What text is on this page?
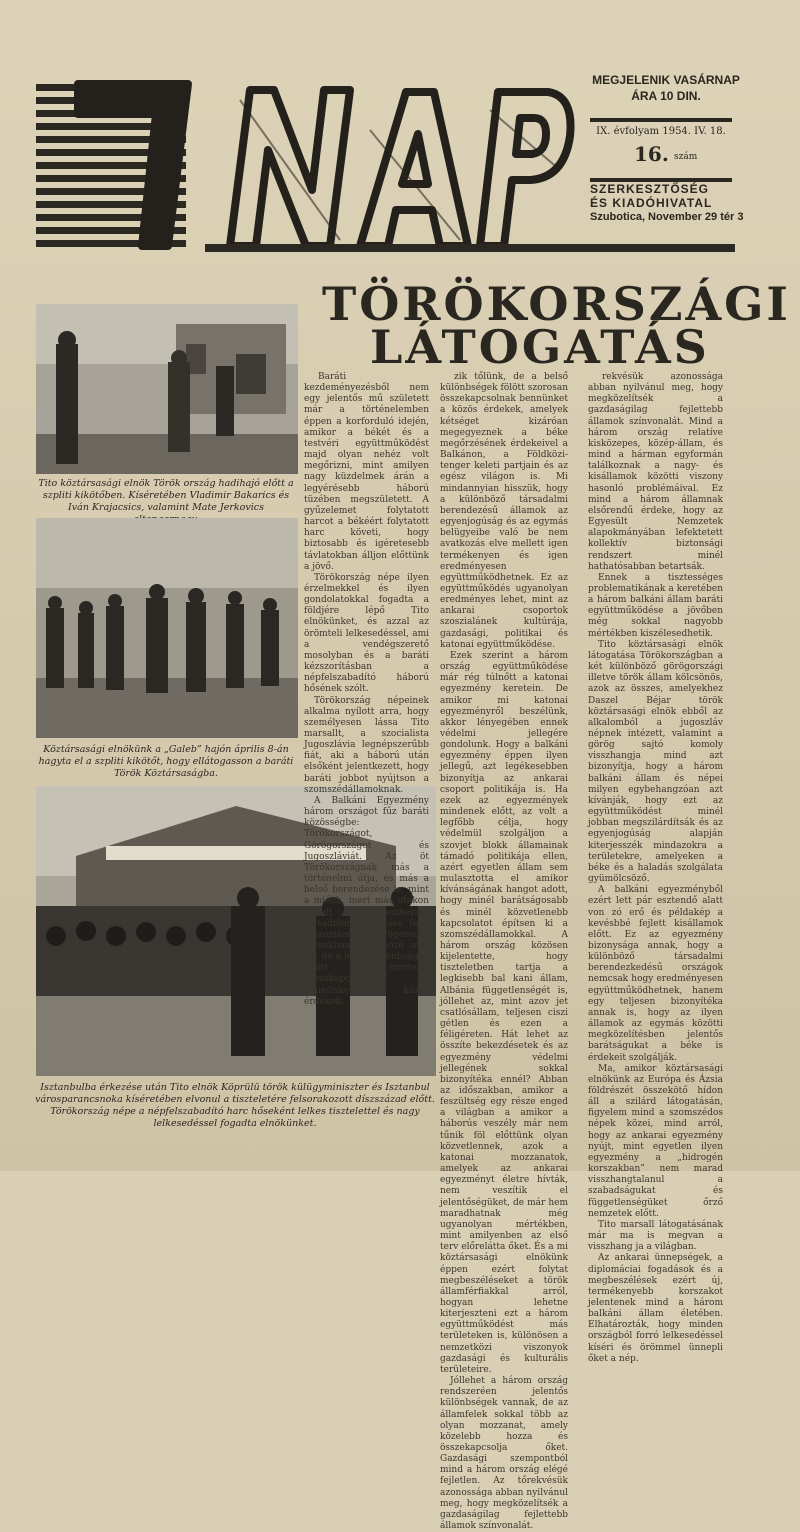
MEGJELENIK VASÁRNAP
ÁRA 10 DIN.
IX. évfolyam 1954. IV. 18.
16. szám
SZERKESZTŐSÉG
ÉS KIADÓHIVATAL
Szubotica, November 29 tér 3
TÖRÖKORSZÁGI
LÁTOGATÁS
Tito köztársasági elnök Török ország hadihajó előtt a szpliti kikötőben. Kíséretében Vladimir Bakarics és Iván Krajacsics, valamint Mate Jerkovics
Köztársasági elnökünk a „Galeb” hajón április 8-án hagyta el a szpliti kikötőt, hogy ellátogasson a baráti Török Köztársaságba.
Isztanbulba érkezése után Tito elnök Köprülü török külügyminiszter és Isztanbul városparancsnoka kíséretében elvonul a tiszteletére felsorakozott díszszázad előtt. Törökország népe a népfelszabadító harc hőseként lelkes tisztelettel és nagy lelkesedéssel fogadta elnökünket.

Baráti kezdeményezésből nem egy jelentős mű született már a történelemben éppen a korforduló idején, amikor a békét és a testvéri együttműködést majd olyan nehéz volt megőrizni, mint amilyen nagy küzdelmek árán a legyérésebb háború tüzében megszületett. A gyűzelemet folytatott harcot a békéért folytatott harc követi, hogy biztosabb és igéretesebb távlatokban álljon előttünk a jövő.

Törökország népe ilyen érzelmekkel és ilyen gondolatokkal fogadta a földjére lépő Tito elnökünket, és azzal az örömteli lelkesedéssel, ami a vendégszerető mosolyban és a baráti kézszorításban a népfelszabadító háború hősének szólt.

Törökország népeinek alkalma nyílott arra, hogy személyesen lássa Tito marsallt, a szocialista Jugoszlávia legnépszerűbb fiát, aki a háború után elsőként jelentkezett, hogy baráti jobbot nyújtson a szomszédállamoknak.

A Balkáni Egyezmény három országot fűz baráti közösségbe: Törökországot, Görögországot és Jugoszláviát. Az öt Törökországnak más a történelmi útja, és más a belső berendezése is, mint a miénk, mert más utakon haladt egy emberibb társadalom kiépítése felé. A szomszédos Görögország is sokban különböző utat jár, de a belső különbségek fölött szorosan összekapcsolnak bennünket a közös érdekek.

zik tőlünk, de a belső különbségek fölött szorosan összekapcsolnak bennünket a közös érdekek, amelyek kétséget kizáróan megegyeznek a béke megőrzésének érdekeivel a Balkánon, a Földközi-tenger keleti partjain és az egész világon is. Mi mindannyian hisszük, hogy a különböző társadalmi berendezésű államok az egyenjogúság és az egymás belügyeibe való be nem avatkozás elve mellett igen termékenyen és igen eredményesen együttműködhetnek. Ez az együttműködés ugyanolyan eredményes lehet, mint az ankarai csoportok szoszialánek kultúrája, gazdasági, politikai és katonai együttműködése.

Ezek szerint a három ország együttműködése már rég túlnőtt a katonai egyezmény keretein. De amikor mi katonai egyezményről beszélünk, akkor lényegében ennek védelmi jellegére gondolunk. Hogy a balkáni egyezmény éppen ilyen jellegű, azt legékesebben bizonyítja az ankarai csoport politikája is. Ha ezek az egyezmények mindenek előtt, az volt a legfőbb célja, hogy védelmül szolgáljon a szovjet blokk államainak támadó politikája ellen, azért egyetlen állam sem mulasztotta el amikor kívánságának hangot adott, hogy minél barátságosabb és minél közvetlenebb kapcsolatot építsen ki a szomszédállamokkal. A három ország közösen kijelentette, hogy tiszteletben tartja a legkisebb bal kani állam, Albánia függetlenségét is, jóllehet az, mint azov jet csatlósállam, teljesen ciszi gétlen és ezen a féligéreten. Hát lehet az összíte bekezdésetek és az egyezmény védelmi jellegének sokkal bizonyítéka ennél? Abban az időszakban, amikor a feszültség egy része enged a világban a amikor a háborús veszély már nem tűnik föl előttünk olyan közvetlennek, azok a katonai mozzanatok, amelyek az ankarai egyezményt életre hívták, nem veszítik el jelentőségüket, de már hem maradhatnak még ugyanolyan mértékben, mint amilyenben az első terv előrelátta őket. És a mi köztársasági elnökünk éppen ezért folytat megbeszéléseket a török államférfiakkal arról, hogyan lehetne kiterjeszteni ezt a három együttműködést más területeken is, különösen a nemzetközi viszonyok gazdasági és kulturális területeire.

Jóllehet a három ország rendszeréen jelentős különbségek vannak, de az államfelek sokkal több az olyan mozzanat, amely közelebb hozza és összekapcsolja őket. Gazdasági szempontból mind a három ország elégé fejletlen. Az tőrekvésük azonossága abban nyilvánul meg, hogy megközelítsék a gazdaságilag fejlettebb államok színvonalát.

rekvésük azonossága abban nyilvánul meg, hogy megközelítsék a gazdaságilag fejlettebb államok színvonalát. Mind a három ország relatíve kisközepes, közép-állam, és mind a hárman egyformán találkoznak a nagy- és kisállamok közötti viszony hasonló problémáival. Ez mind a három államnak elsőrendű érdeke, hogy az Egyesült Nemzetek alapokmányában lefektetett kollektív biztonsági rendszert minél hathatósabban betartsák.

Ennek a tisztességes problematikának a keretében a három balkáni állam baráti együttműködése a jövőben még sokkal nagyobb mértékben kiszélesedhetik.

Tito köztársasági elnök látogatása Törökországban a két különböző görögországi illetve török állam kölcsönös, azok az összes, amelyekhez Daszel Béjar török köztársasági elnök ebből az alkalomból a jugoszláv népnek intézett, valamint a görög sajtó komoly visszhangja mind azt bizonyítja, hogy a három balkáni állam és népei milyen egybehangzóan azt kívánják, hogy ezt az együttműködést minél jobban megszilárdítsák és az egyenjogúság alapján kiterjesszék mindazokra a területekre, amelyeken a béke és a haladás szolgálata gyümölcsöző.

A balkáni egyezményből ezért lett pár esztendő alatt von zó erő és példakép a kevésbbé fejlett kisállamok előtt. Ez az egyezmény bizonysága annak, hogy a különböző társadalmi berendezkedésű országok nemcsak hogy eredményesen együttműködhetnek, hanem egy teljesen bizonyítéka annak is, hogy az ilyen államok az egymás közötti megközelítésben jelentős barátságukat a béke is érdekeit szolgálják.

Ma, amikor köztársasági elnökünk az Európa és Ázsia földrészét összekötő hídon áll a szilárd látogatásán, figyelem mind a szomszédos népek közei, mind arról, hogy az ankarai egyezmény nyújt, mint egyetlen ilyen egyezmény a „hidrogén korszakban” nem marad visszhangtalanul a szabadságukat és függetlenségüket őrző nemzetek előtt.

Tito marsall látogatásának már ma is megvan a visszhang ja a világban.

Az ankarai ünnepségek, a diplomáciai fogadások és a megbeszélések ezért új, termékenyebb korszakot jelentenek mind a három balkáni állam életében. Elhatározták, hogy minden országból forró lelkesedéssel kíséri és örömmel ünnepli őket a nép.
